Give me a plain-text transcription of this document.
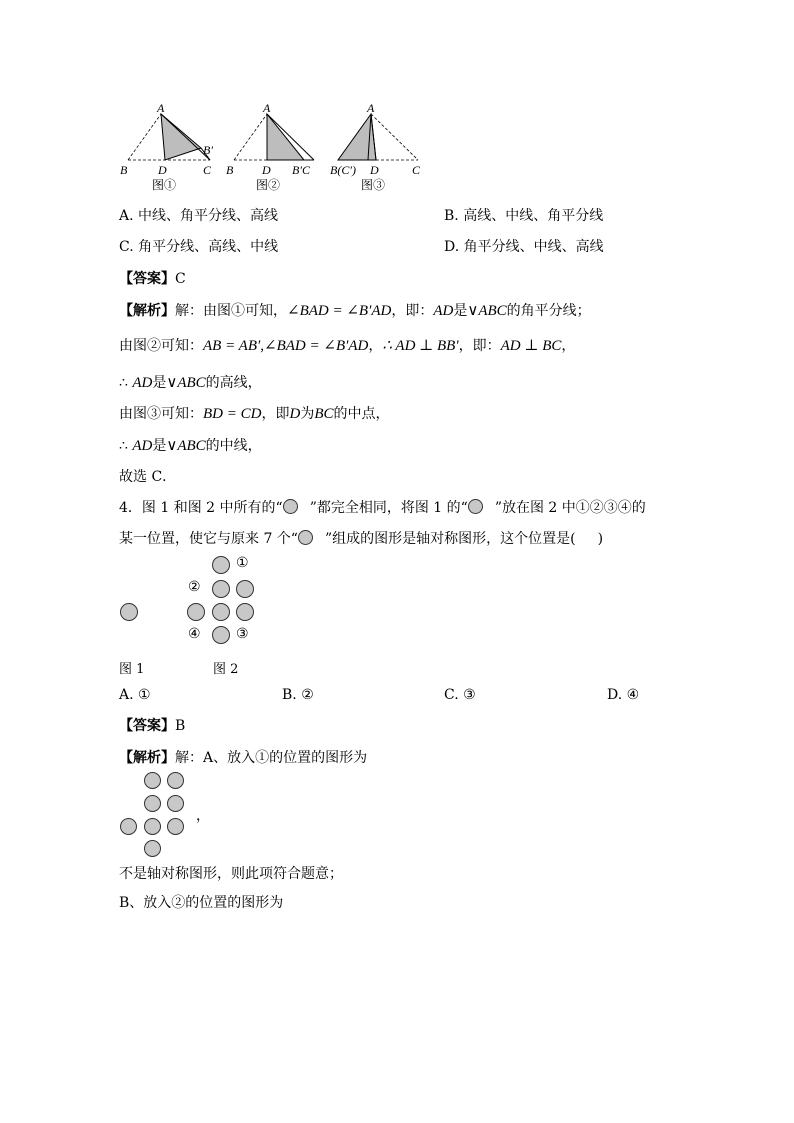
A
B	D
B′
C
图①
A
B D B′C
图②
A
B(C′) D	C
图③
A. 中线、角平分线、高线	B. 高线、中线、角平分线
C. 角平分线、高线、中线	D. 角平分线、中线、高线
【答案】C
【解析】解：由图①可知，∠BAD = ∠B′AD，即：AD是∨ABC的角平分线；
由图②可知：AB = AB′,∠BAD = ∠B′AD，∴ AD ⊥ BB′，即：AD ⊥ BC，
∴ AD是∨ABC的高线，
由图③可知：BD = CD，即D为BC的中点，
∴ AD是∨ABC的中线，
故选 C．
4．图 1 和图 2 中所有的“ ”都完全相同，将图 1 的“ ”放在图 2 中①②③④的
某一位置，使它与原来 7 个“ ”组成的图形是轴对称图形，这个位置是( )
①
②
④	③
图 1	图 2
A. ①	B. ②	C. ③	D. ④
【答案】B
【解析】解：A、放入①的位置的图形为
，
不是轴对称图形，则此项符合题意；
B、放入②的位置的图形为
